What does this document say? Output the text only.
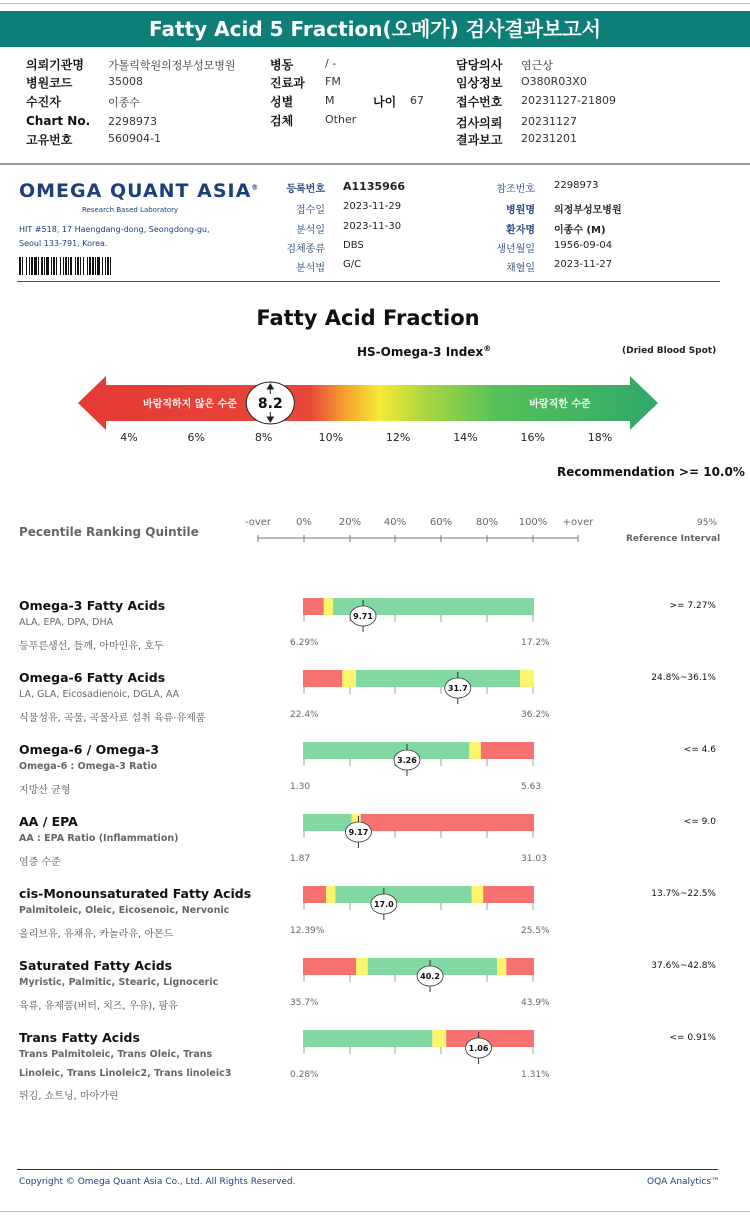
Fatty Acid 5 Fraction(오메가) 검사결과보고서
의뢰기관명 가톨릭학원의정부성모병원
병원코드	35008
수진자	이종수
Chart No. 2298973
고유번호	560904-1
병동	/ -
진료과 FM
성별	M
검체	Other
나이 67
담당의사 염근상
임상정보 O380R03X0
접수번호 20231127-21809
검사의뢰 20231127
결과보고 20231201
OMEGA QUANT ASIA®
Research Based Laboratory
HIT #518, 17 Haengdang-dong, Seongdong-gu,
Seoul 133-791, Korea.
등록번호 A1135966
접수일 2023-11-29
분석일 2023-11-30
검체종류 DBS
분석법 G/C
참조번호 2298973
병원명 의정부성모병원
환자명 이종수 (M)
생년월일 1956-09-04
채혈일 2023-11-27
Fatty Acid Fraction
HS-Omega-3 Index®	(Dried Blood Spot)
바람직하지 않은 수준	바람직한 수준
8.2
4%	6%	8%	10%	12%	14%	16%	18%
Recommendation >= 10.0%
Pecentile Ranking Quintile
-over	0%	20%	40%	60%	80%	100%	+over	95%
Reference Interval
Omega-3 Fatty Acids
ALA, EPA, DPA, DHA
등푸른생선, 들깨, 아마인유, 호두	6.29%	17.2%
>= 7.27%
9.71
Omega-6 Fatty Acids
LA, GLA, Eicosadienoic, DGLA, AA
식물성유, 곡물, 곡물사료 섭취 육류·유제품	22.4%	36.2%
24.8%~36.1%
31.7
Omega-6 / Omega-3
Omega-6 : Omega-3 Ratio
지방산 균형	1.30	5.63
<= 4.6
3.26
AA / EPA
AA : EPA Ratio (Inflammation)
염증 수준	1.87	31.03
<= 9.0
9.17
cis-Monounsaturated Fatty Acids
Palmitoleic, Oleic, Eicosenoic, Nervonic
올리브유, 유채유, 카놀라유, 아몬드	12.39%	25.5%
13.7%~22.5%
17.0
Saturated Fatty Acids
Myristic, Palmitic, Stearic, Lignoceric
육류, 유제품(버터, 치즈, 우유), 팜유	35.7%	43.9%
37.6%~42.8%
40.2
Trans Fatty Acids
Trans Palmitoleic, Trans Oleic, Trans
Linoleic, Trans Linoleic2, Trans linoleic3
튀김, 쇼트닝, 마아가린
0.28%	1.31%
<= 0.91%
1.06
Copyright © Omega Quant Asia Co., Ltd. All Rights Reserved.	OQA Analytics™
